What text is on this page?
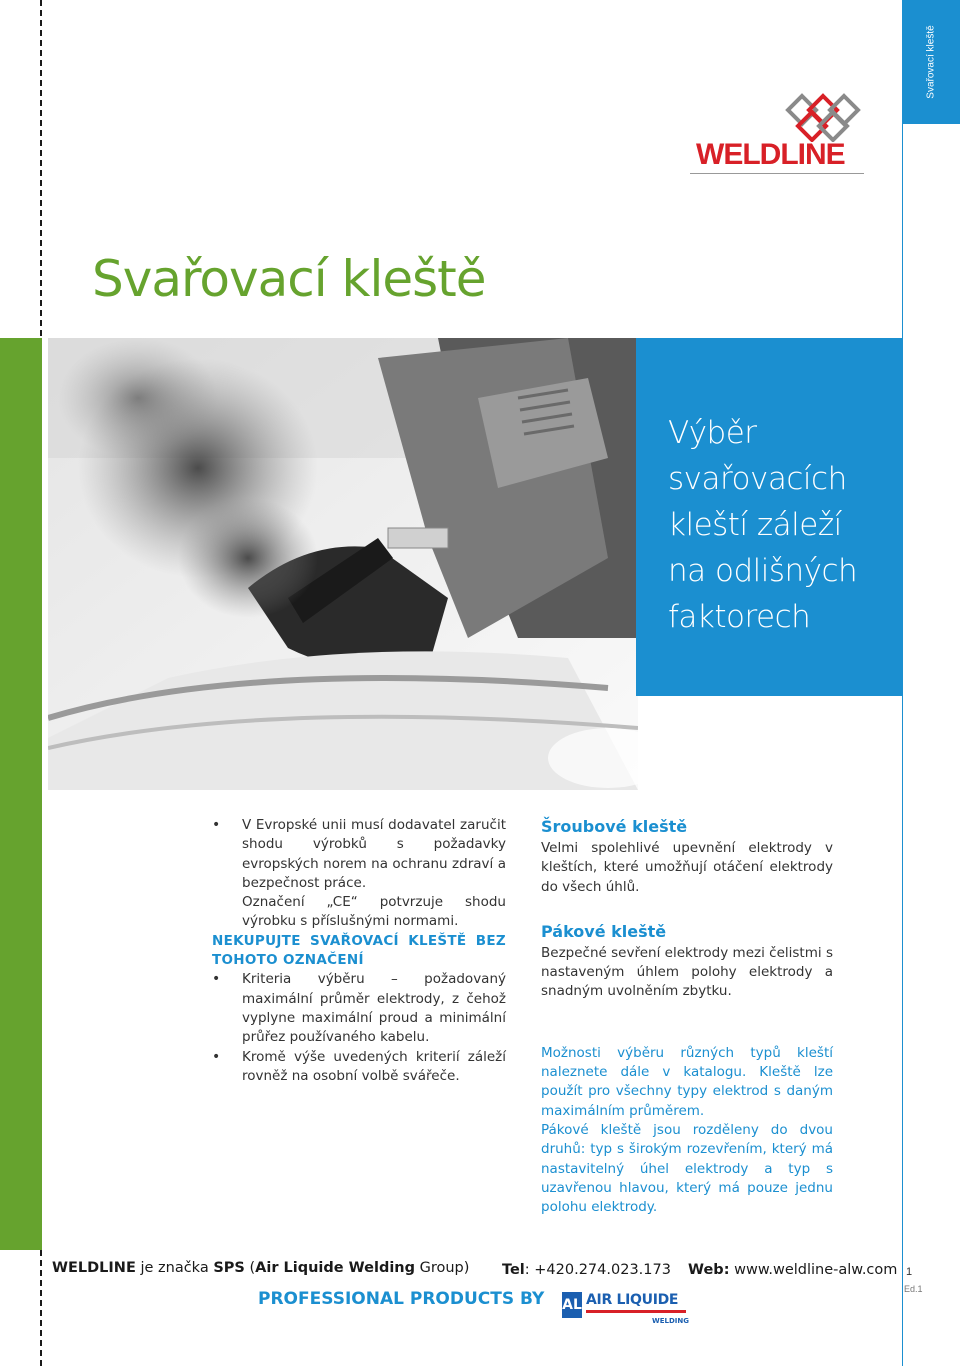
Svařovací kleště
1
Ed.1
WELDLINE
Svařovací kleště
Výběr
svařovacích
kleští záleží
na odlišných
faktorech

• V Evropské unii musí dodavatel zaručit shodu výrobků s požadavky evropských norem na ochranu zdraví a bezpečnost práce.

Označení „CE“ potvrzuje shodu výrobku s příslušnými normami.

NEKUPUJTE SVAŘOVACÍ KLEŠTĚ BEZ TOHOTO OZNAČENÍ

• Kriteria výběru – požadovaný maximální průměr elektrody, z čehož vyplyne maximální proud a minimální průřez používaného kabelu.

• Kromě výše uvedených kriterií záleží rovněž na osobní volbě svářeče.

Šroubové kleště

Velmi spolehlivé upevnění elektrody v kleštích, které umožňují otáčení elektrody do všech úhlů.

Pákové kleště

Bezpečné sevření elektrody mezi čelistmi s nastaveným úhlem polohy elektrody a snadným uvolněním zbytku.

Možnosti výběru různých typů kleští naleznete dále v katalogu. Kleště lze použít pro všechny typy elektrod s daným maximálním průměrem.

Pákové kleště jsou rozděleny do dvou druhů: typ s širokým rozevřením, který má nastavitelný úhel elektrody a typ s uzavřenou hlavou, který má pouze jednu polohu elektrody.

WELDLINE je značka SPS (Air Liquide Welding Group) Tel: +420.274.023.173 Web: www.weldline-alw.com
PROFESSIONAL PRODUCTS BY AL AIR LIQUIDE
WELDING
